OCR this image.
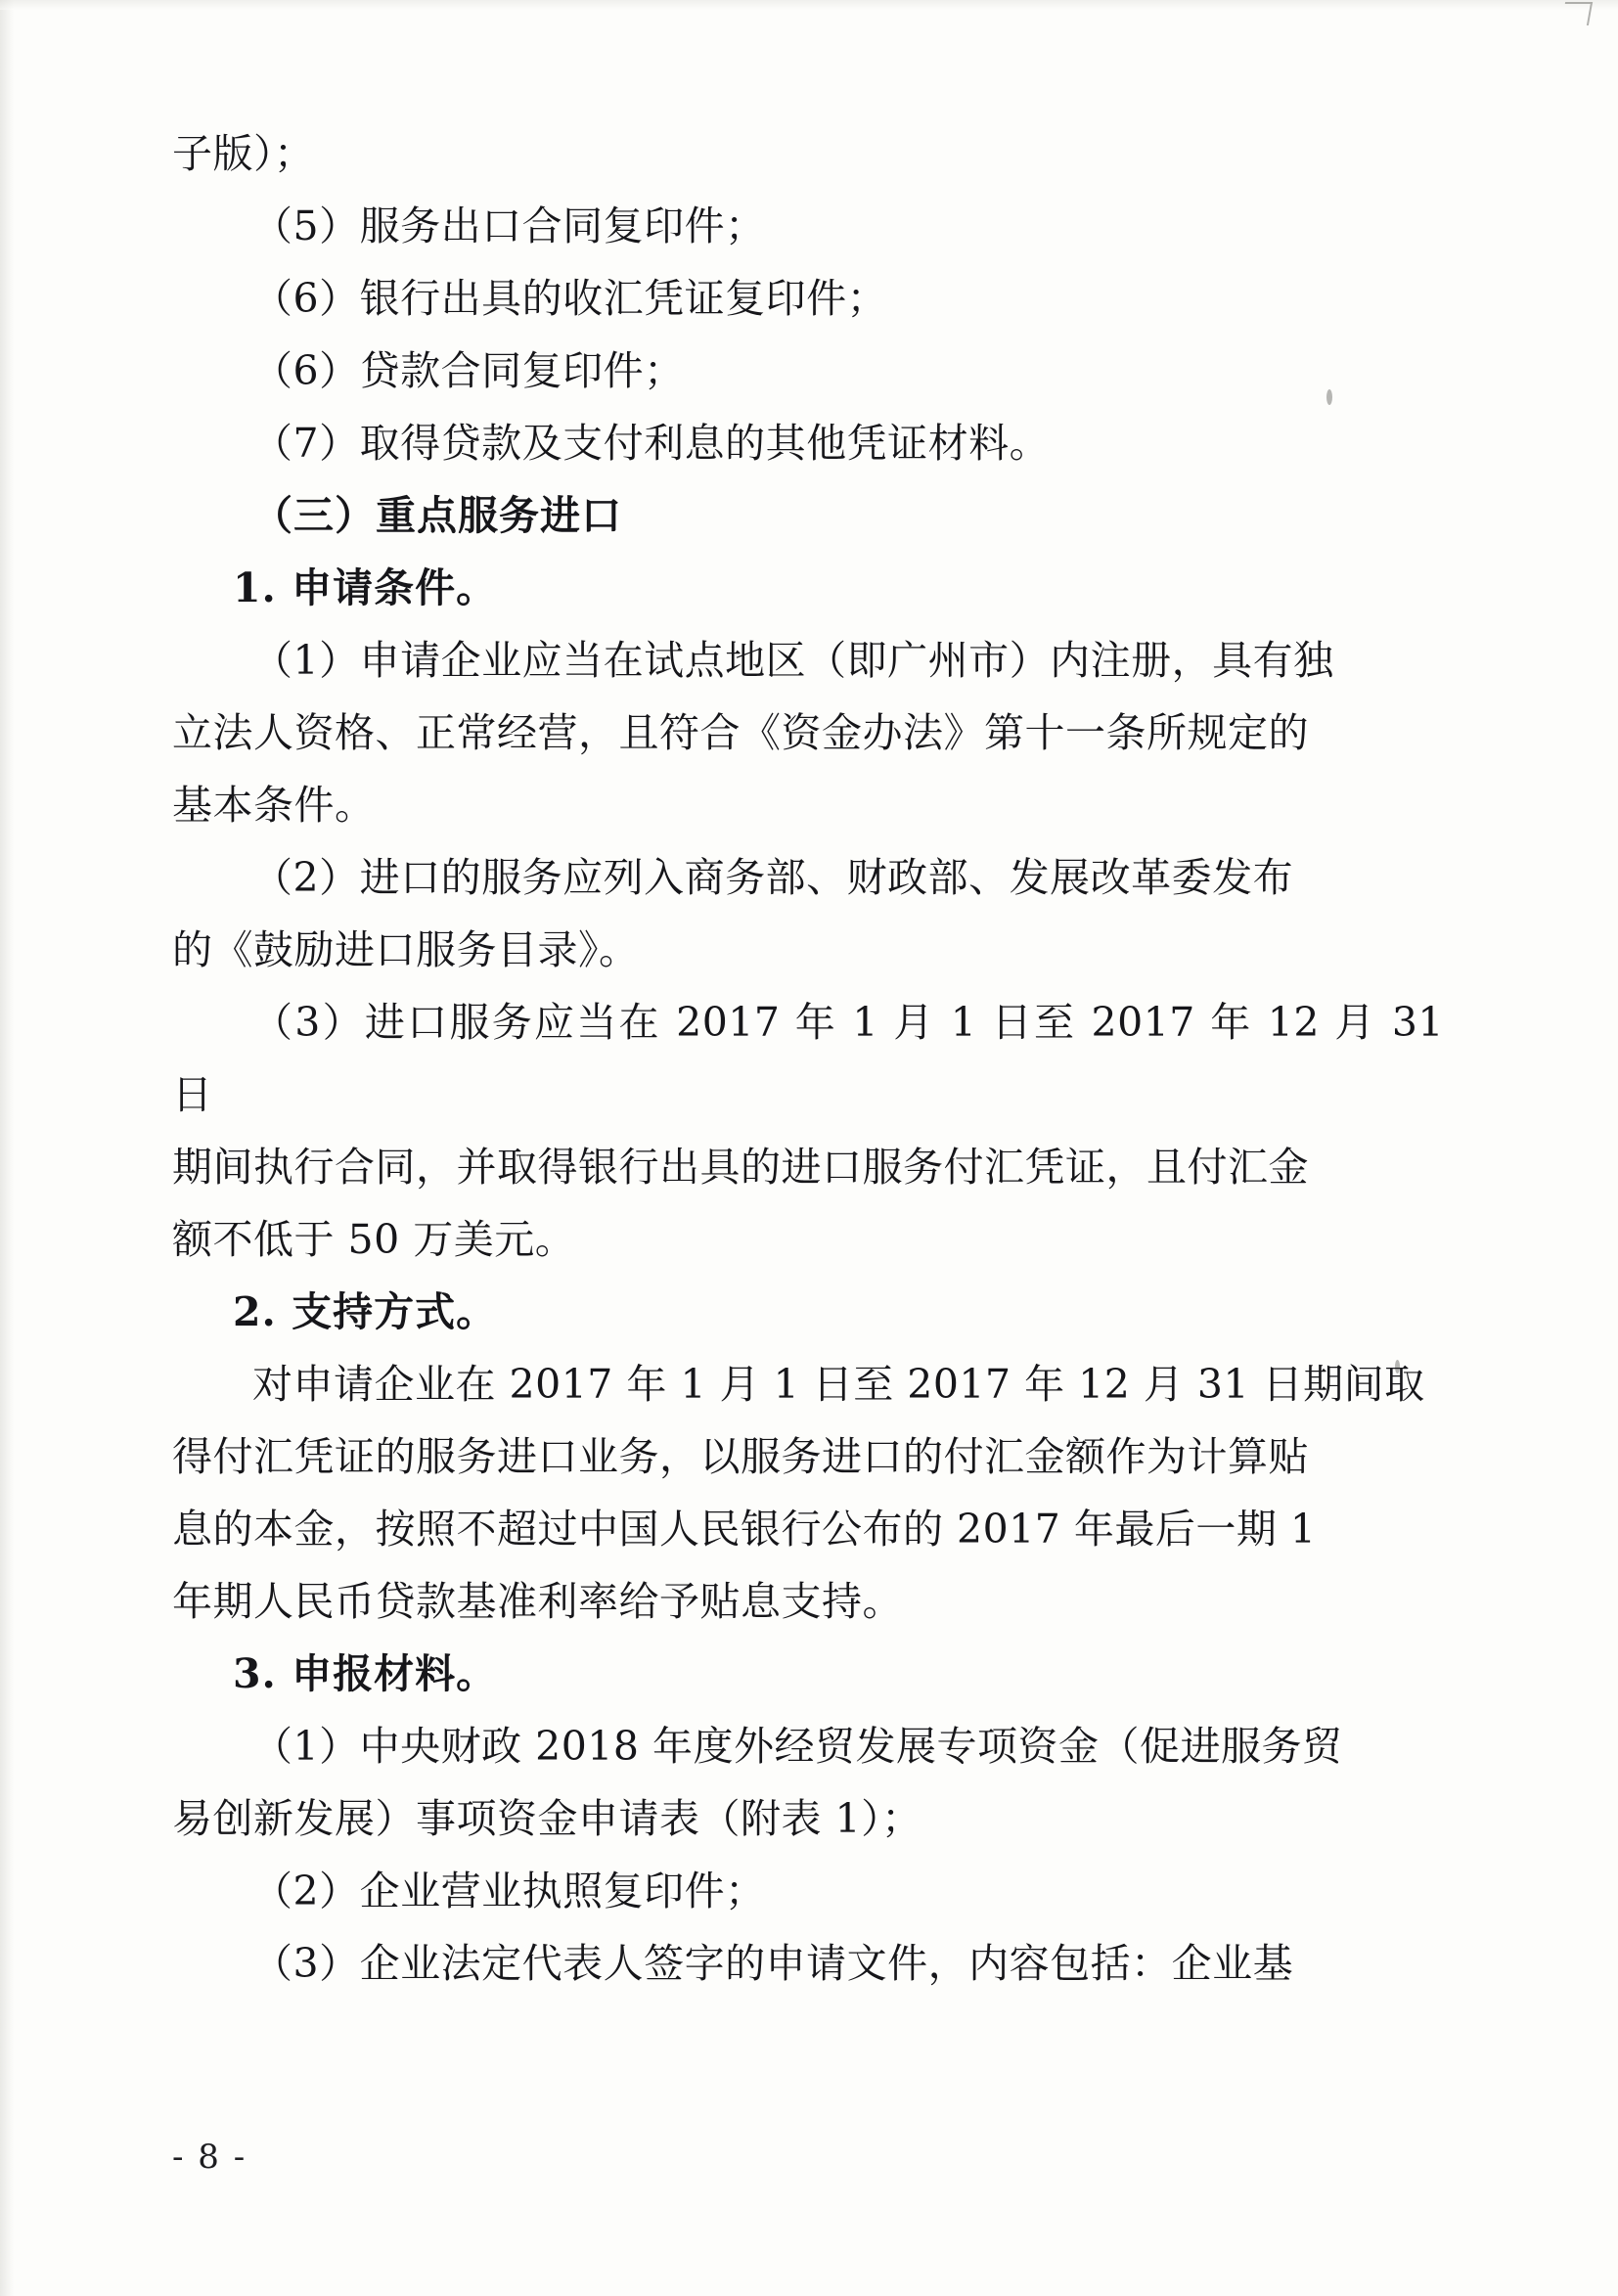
子版）；

（5）服务出口合同复印件；

（6）银行出具的收汇凭证复印件；

（6）贷款合同复印件；

（7）取得贷款及支付利息的其他凭证材料。

（三）重点服务进口

1. 申请条件。

（1）申请企业应当在试点地区（即广州市）内注册，具有独

立法人资格、正常经营，且符合《资金办法》第十一条所规定的

基本条件。

（2）进口的服务应列入商务部、财政部、发展改革委发布

的《鼓励进口服务目录》。

（3）进口服务应当在 2017 年 1 月 1 日至 2017 年 12 月 31 日

期间执行合同，并取得银行出具的进口服务付汇凭证，且付汇金

额不低于 50 万美元。

2. 支持方式。

对申请企业在 2017 年 1 月 1 日至 2017 年 12 月 31 日期间取

得付汇凭证的服务进口业务，以服务进口的付汇金额作为计算贴

息的本金，按照不超过中国人民银行公布的 2017 年最后一期 1

年期人民币贷款基准利率给予贴息支持。

3. 申报材料。

（1）中央财政 2018 年度外经贸发展专项资金（促进服务贸

易创新发展）事项资金申请表（附表 1）；

（2）企业营业执照复印件；

（3）企业法定代表人签字的申请文件，内容包括：企业基

- 8 -
